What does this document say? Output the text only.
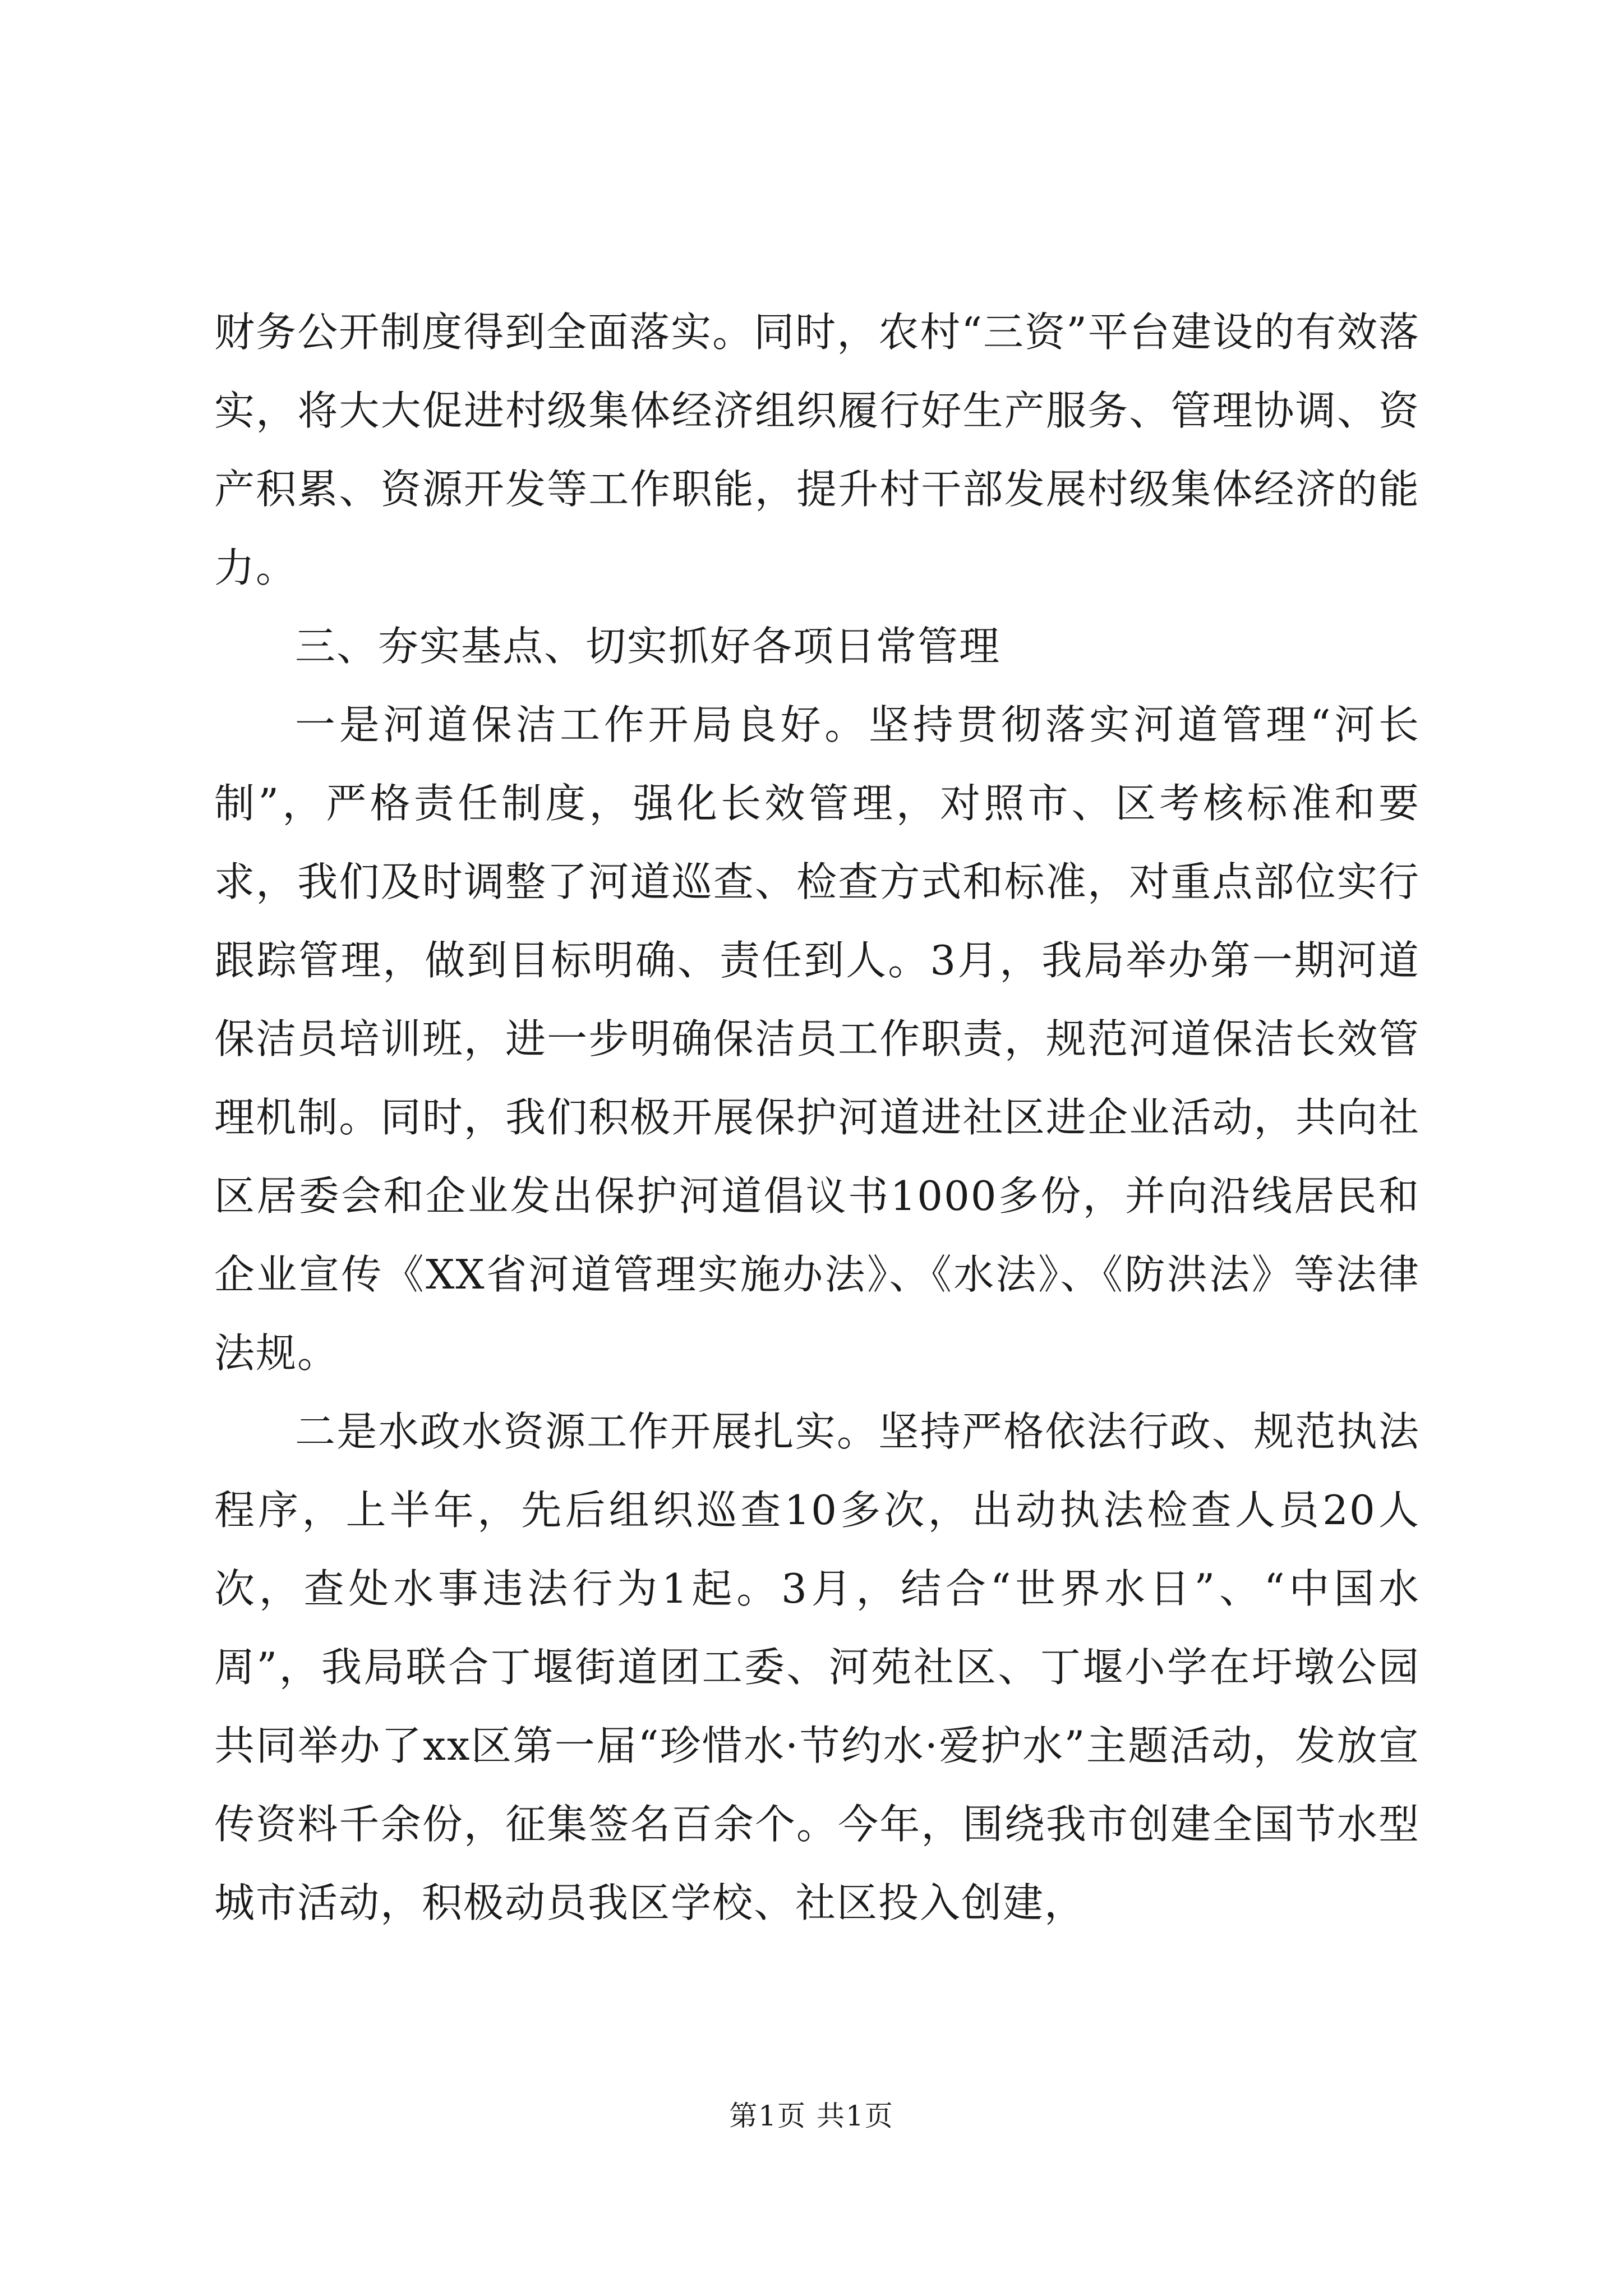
财务公开制度得到全面落实。同时，农村“三资”平台建设的有效落实，将大大促进村级集体经济组织履行好生产服务、管理协调、资产积累、资源开发等工作职能，提升村干部发展村级集体经济的能力。

三、夯实基点、切实抓好各项日常管理

一是河道保洁工作开局良好。坚持贯彻落实河道管理“河长制”，严格责任制度，强化长效管理，对照市、区考核标准和要求，我们及时调整了河道巡查、检查方式和标准，对重点部位实行跟踪管理，做到目标明确、责任到人。3月，我局举办第一期河道保洁员培训班，进一步明确保洁员工作职责，规范河道保洁长效管理机制。同时，我们积极开展保护河道进社区进企业活动，共向社区居委会和企业发出保护河道倡议书1000多份，并向沿线居民和企业宣传《XX省河道管理实施办法》、《水法》、《防洪法》等法律法规。

二是水政水资源工作开展扎实。坚持严格依法行政、规范执法程序，上半年，先后组织巡查10多次，出动执法检查人员20人次，查处水事违法行为1起。3月，结合“世界水日”、“中国水周”，我局联合丁堰街道团工委、河苑社区、丁堰小学在圩墩公园共同举办了xx区第一届“珍惜水·节约水·爱护水”主题活动，发放宣传资料千余份，征集签名百余个。今年，围绕我市创建全国节水型城市活动，积极动员我区学校、社区投入创建，

第1页 共1页
